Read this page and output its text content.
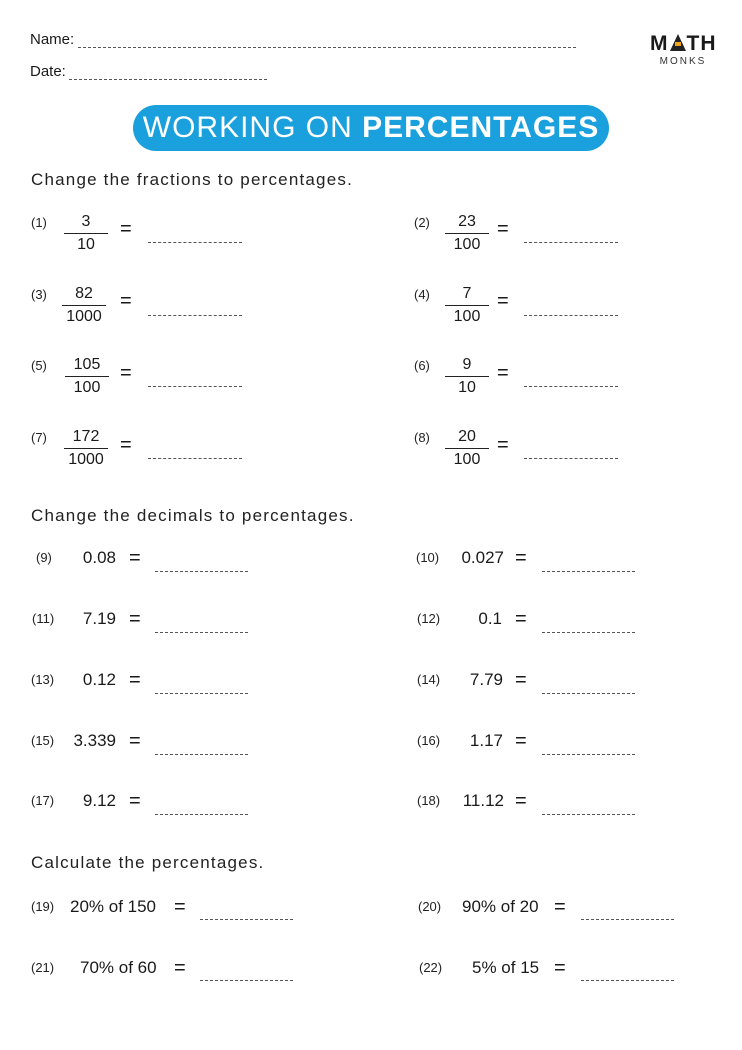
Name:
Date:
M TH
MONKS
WORKING ON PERCENTAGES
Change the fractions to percentages.
(1)	3
10
=	(2)	23
100
=
(3)	82
1000
=	(4)	7
100
=
(5)	105
100
=	(6)	9
10
=
(7)	172
1000
=	(8)	20
100
=
Change the decimals to percentages.
(9)	0.08 =	(10)	0.027 =
(11)	7.19 =	(12)	0.1 =
(13)	0.12 =	(14)	7.79 =
(15)	3.339 =	(16)	1.17 =
(17)	9.12 =	(18)	11.12 =
Calculate the percentages.
(19) 20% of 150 =	(20) 90% of 20 =
(21) 70% of 60 =	(22) 5% of 15 =
